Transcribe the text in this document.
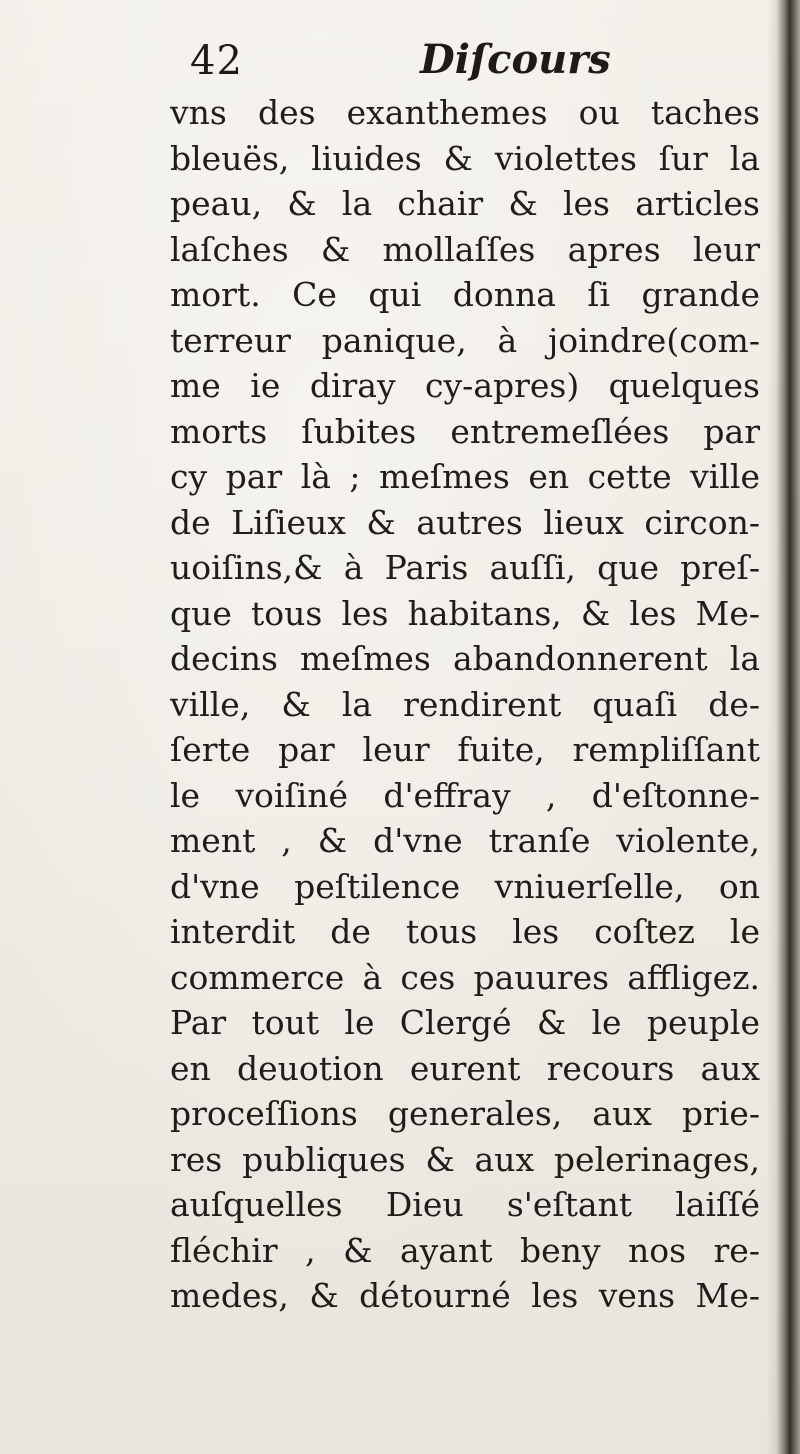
42	Diſcours
vns des exanthemes ou taches
bleuës, liuides & violettes ſur la
peau, & la chair & les articles
laſches & mollaſſes apres leur
mort. Ce qui donna ſi grande
terreur panique, à joindre(com-
me ie diray cy-apres) quelques
morts ſubites entremeſlées par
cy par là ; meſmes en cette ville
de Liſieux & autres lieux circon-
uoiſins,& à Paris auſſi, que preſ-
que tous les habitans, & les Me-
decins meſmes abandonnerent la
ville, & la rendirent quaſi de-
ſerte par leur fuite, rempliſſant
le voiſiné d'effray , d'eſtonne-
ment , & d'vne tranſe violente,
d'vne peſtilence vniuerſelle, on
interdit de tous les coſtez le
commerce à ces pauures affligez.
Par tout le Clergé & le peuple
en deuotion eurent recours aux
proceſſions generales, aux prie-
res publiques & aux pelerinages,
auſquelles Dieu s'eſtant laiſſé
fléchir , & ayant beny nos re-
medes, & détourné les vens Me-
